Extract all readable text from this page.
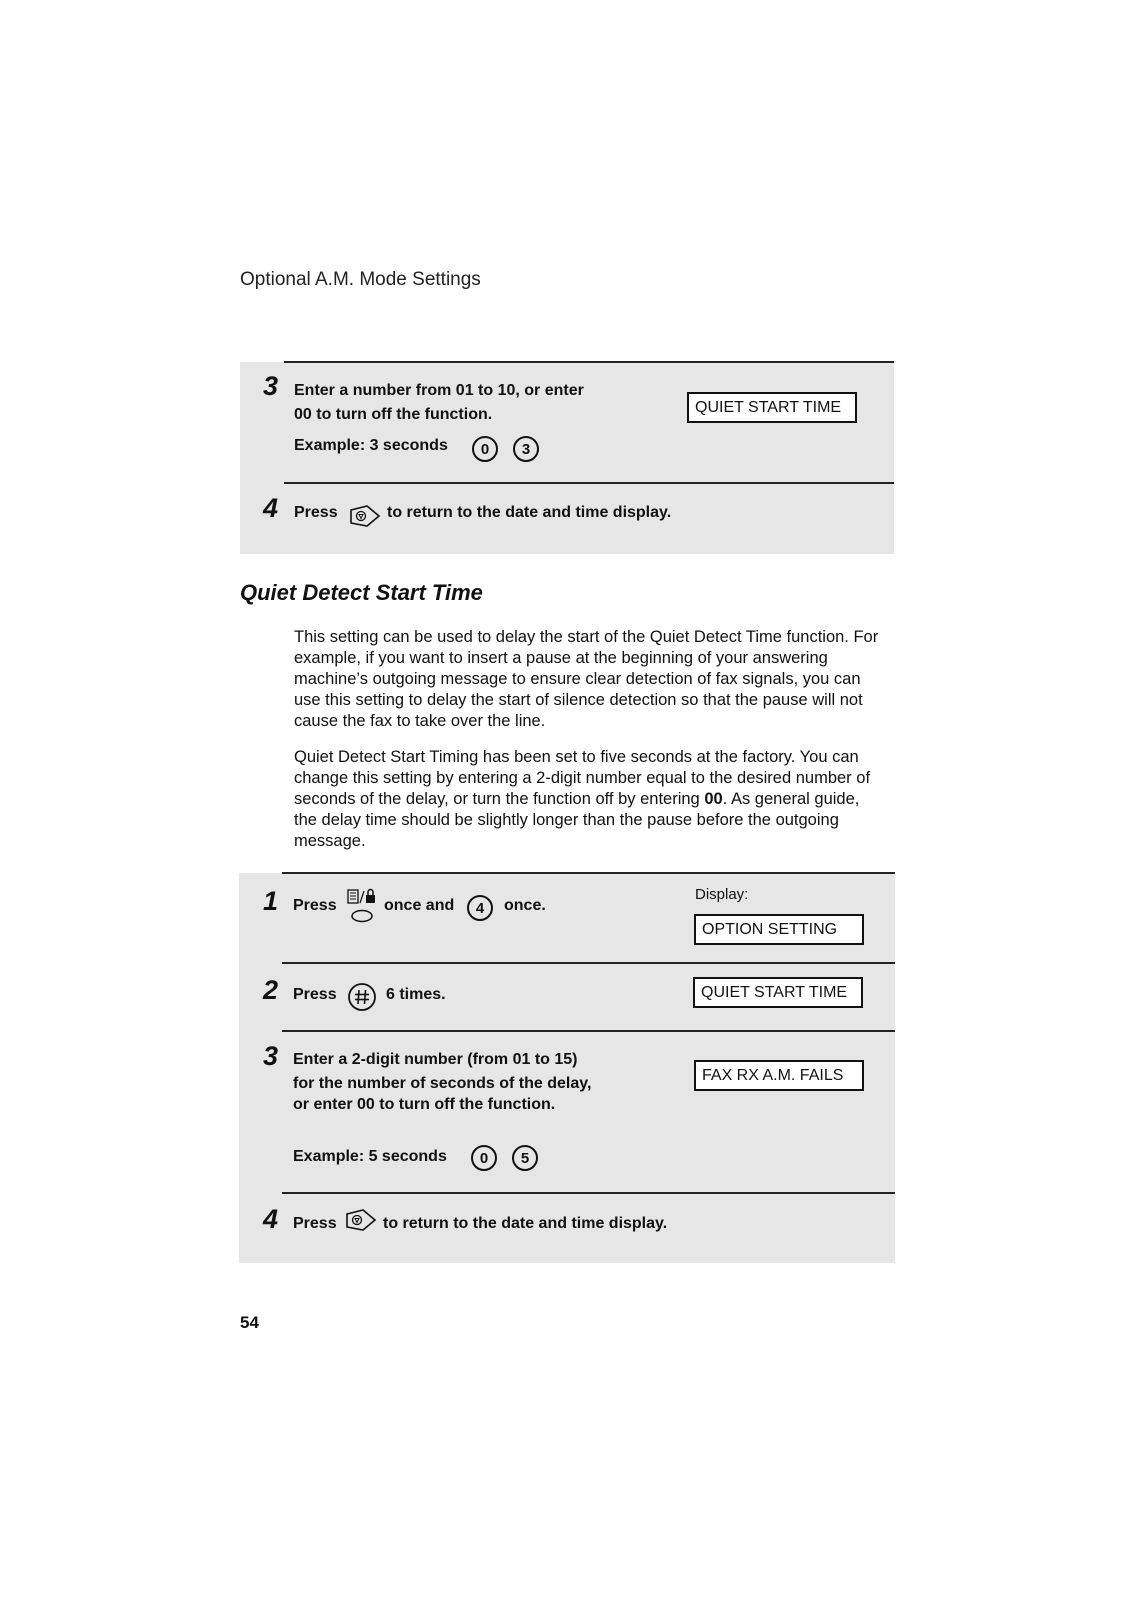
Optional A.M. Mode Settings
3 Enter a number from 01 to 10, or enter
00 to turn off the function.
Example: 3 seconds	0	3
QUIET START TIME
4 Press	to return to the date and time display.
Quiet Detect Start Time
This setting can be used to delay the start of the Quiet Detect Time function. For example, if you want to insert a pause at the beginning of your answering machine’s outgoing message to ensure clear detection of fax signals, you can use this setting to delay the start of silence detection so that the pause will not cause the fax to take over the line.
Quiet Detect Start Timing has been set to five seconds at the factory. You can change this setting by entering a 2-digit number equal to the desired number of seconds of the delay, or turn the function off by entering 00. As general guide, the delay time should be slightly longer than the pause before the outgoing message.
1 Press	once and	4	once.
Display:
OPTION SETTING
2 Press	6 times.	QUIET START TIME
3 Enter a 2-digit number (from 01 to 15)
for the number of seconds of the delay,
or enter 00 to turn off the function.
Example: 5 seconds	0	5
FAX RX A.M. FAILS
4 Press	to return to the date and time display.
54
